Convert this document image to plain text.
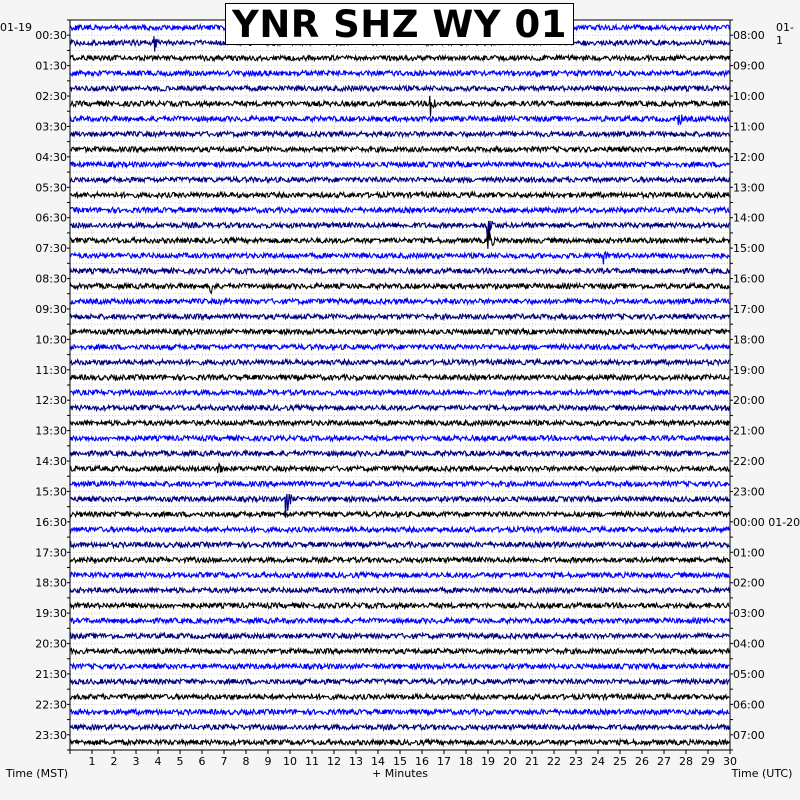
00:30
01:30
02:30
03:30
04:30
05:30
06:30
07:30
08:30
09:30
10:30
11:30
12:30
13:30
14:30
15:30
16:30
17:30
18:30
19:30
20:30
21:30
22:30
23:30
08:00
09:00
10:00
11:00
12:00
13:00
14:00
15:00
16:00
17:00
18:00
19:00
20:00
21:00
22:00
23:00
00:00 01-20
01:00
02:00
03:00
04:00
05:00
06:00
07:00
1 2 3 4 5 6 7 8 9 10 11 12 13 14 15 16 17 18 19 20 21 22 23 24 25 26 27 28 29 30
+ Minutes
Time (MST)	Time (UTC)
YNR SHZ WY 01
01-19	01-1
